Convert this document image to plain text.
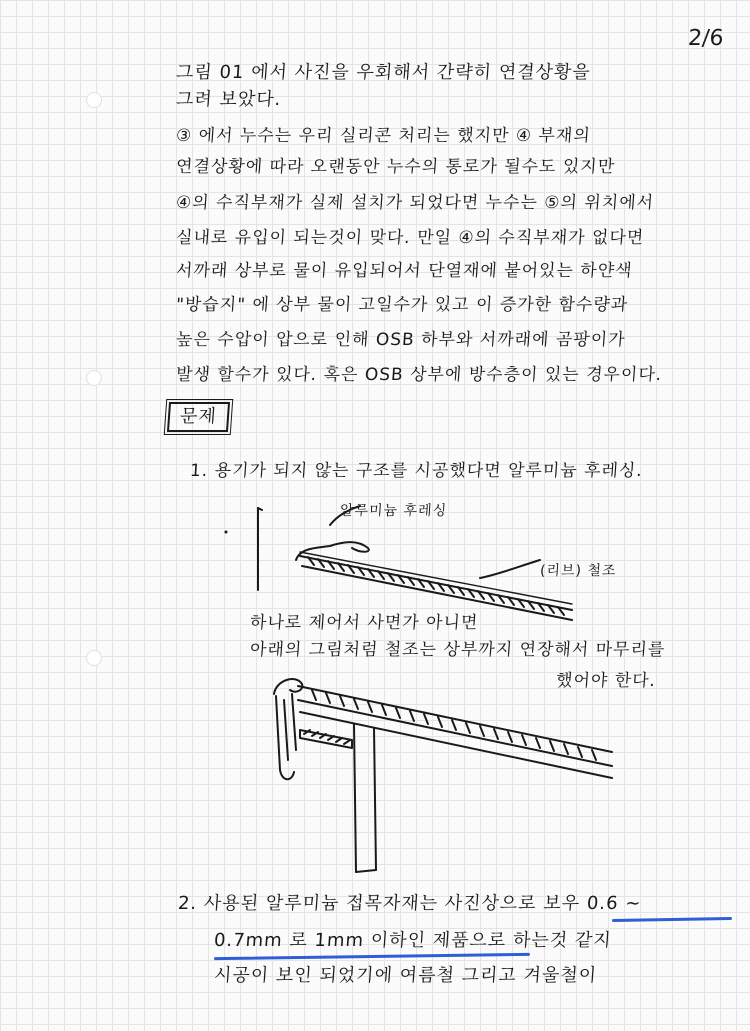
2/6
그림 01 에서 사진을 우회해서 간략히 연결상황을
그려 보았다.
③ 에서 누수는 우리 실리콘 처리는 했지만 ④ 부재의
연결상황에 따라 오랜동안 누수의 통로가 될수도 있지만
④의 수직부재가 실제 설치가 되었다면 누수는 ⑤의 위치에서
실내로 유입이 되는것이 맞다. 만일 ④의 수직부재가 없다면
서까래 상부로 물이 유입되어서 단열재에 붙어있는 하얀색
"방습지" 에 상부 물이 고일수가 있고 이 증가한 함수량과
높은 수압이 압으로 인해 OSB 하부와 서까래에 곰팡이가
발생 할수가 있다. 혹은 OSB 상부에 방수층이 있는 경우이다.
문제
1. 용기가 되지 않는 구조를 시공했다면 알루미늄 후레싱.
알루미늄 후레싱
(리브) 철조
하나로 제어서 사면가 아니면
아래의 그림처럼 철조는 상부까지 연장해서 마무리를
했어야 한다.
2. 사용된 알루미늄 접목자재는 사진상으로 보우 0.6 ~
0.7mm 로 1mm 이하인 제품으로 하는것 같지
시공이 보인 되었기에 여름철 그리고 겨울철이
